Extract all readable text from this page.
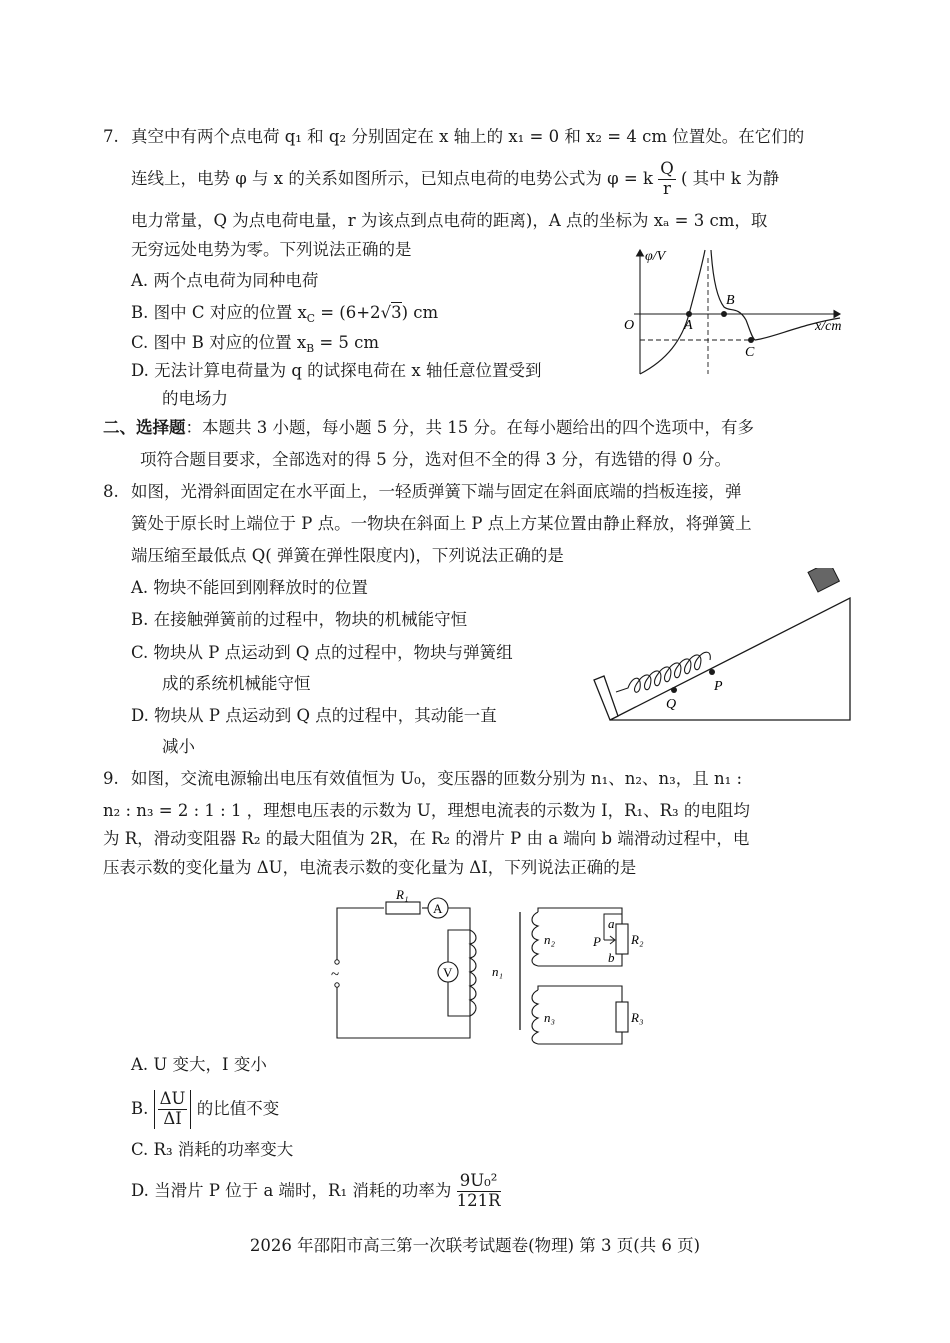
7. 真空中有两个点电荷 q₁ 和 q₂ 分别固定在 x 轴上的 x₁ = 0 和 x₂ = 4 cm 位置处。在它们的
连线上，电势 φ 与 x 的关系如图所示，已知点电荷的电势公式为 φ = k $\frac{Q}{r}$ ( 其中 k 为静
电力常量，Q 为点电荷电量，r 为该点到点电荷的距离)，A 点的坐标为 xₐ = 3 cm，取
无穷远处电势为零。下列说法正确的是
A. 两个点电荷为同种电荷
B. 图中 C 对应的位置 $x_C = (6+2√3)$ cm
C. 图中 B 对应的位置 $x_B = 5$ cm
D. 无法计算电荷量为 q 的试探电荷在 x 轴任意位置受到
的电场力
φ/V
x/cm
O	A
B
C
二、选择题：本题共 3 小题，每小题 5 分，共 15 分。在每小题给出的四个选项中，有多
项符合题目要求，全部选对的得 5 分，选对但不全的得 3 分，有选错的得 0 分。
8. 如图，光滑斜面固定在水平面上，一轻质弹簧下端与固定在斜面底端的挡板连接，弹
簧处于原长时上端位于 P 点。一物块在斜面上 P 点上方某位置由静止释放，将弹簧上
端压缩至最低点 Q( 弹簧在弹性限度内)，下列说法正确的是
A. 物块不能回到刚释放时的位置
B. 在接触弹簧前的过程中，物块的机械能守恒
C. 物块从 P 点运动到 Q 点的过程中，物块与弹簧组
成的系统机械能守恒
D. 物块从 P 点运动到 Q 点的过程中，其动能一直
减小
Q
P
9. 如图，交流电源输出电压有效值恒为 U₀，变压器的匝数分别为 n₁、n₂、n₃，且 n₁ :
n₂ : n₃ = 2 : 1 : 1 ，理想电压表的示数为 U，理想电流表的示数为 I，R₁、R₃ 的电阻均
为 R，滑动变阻器 R₂ 的最大阻值为 2R，在 R₂ 的滑片 P 由 a 端向 b 端滑动过程中，电
压表示数的变化量为 ΔU，电流表示数的变化量为 ΔI，下列说法正确的是
~
R₁
A
V	n₁
n₂	P
a
b
R₂
n₃	R₃
A. U 变大，I 变小
B. $\frac{\Delta U}{\Delta I}$ 的比值不变
C. R₃ 消耗的功率变大
D. 当滑片 P 位于 a 端时，R₁ 消耗的功率为 $\frac{\text{9U₀²}}{121R}$
2026 年邵阳市高三第一次联考试题卷(物理) 第 3 页(共 6 页)
